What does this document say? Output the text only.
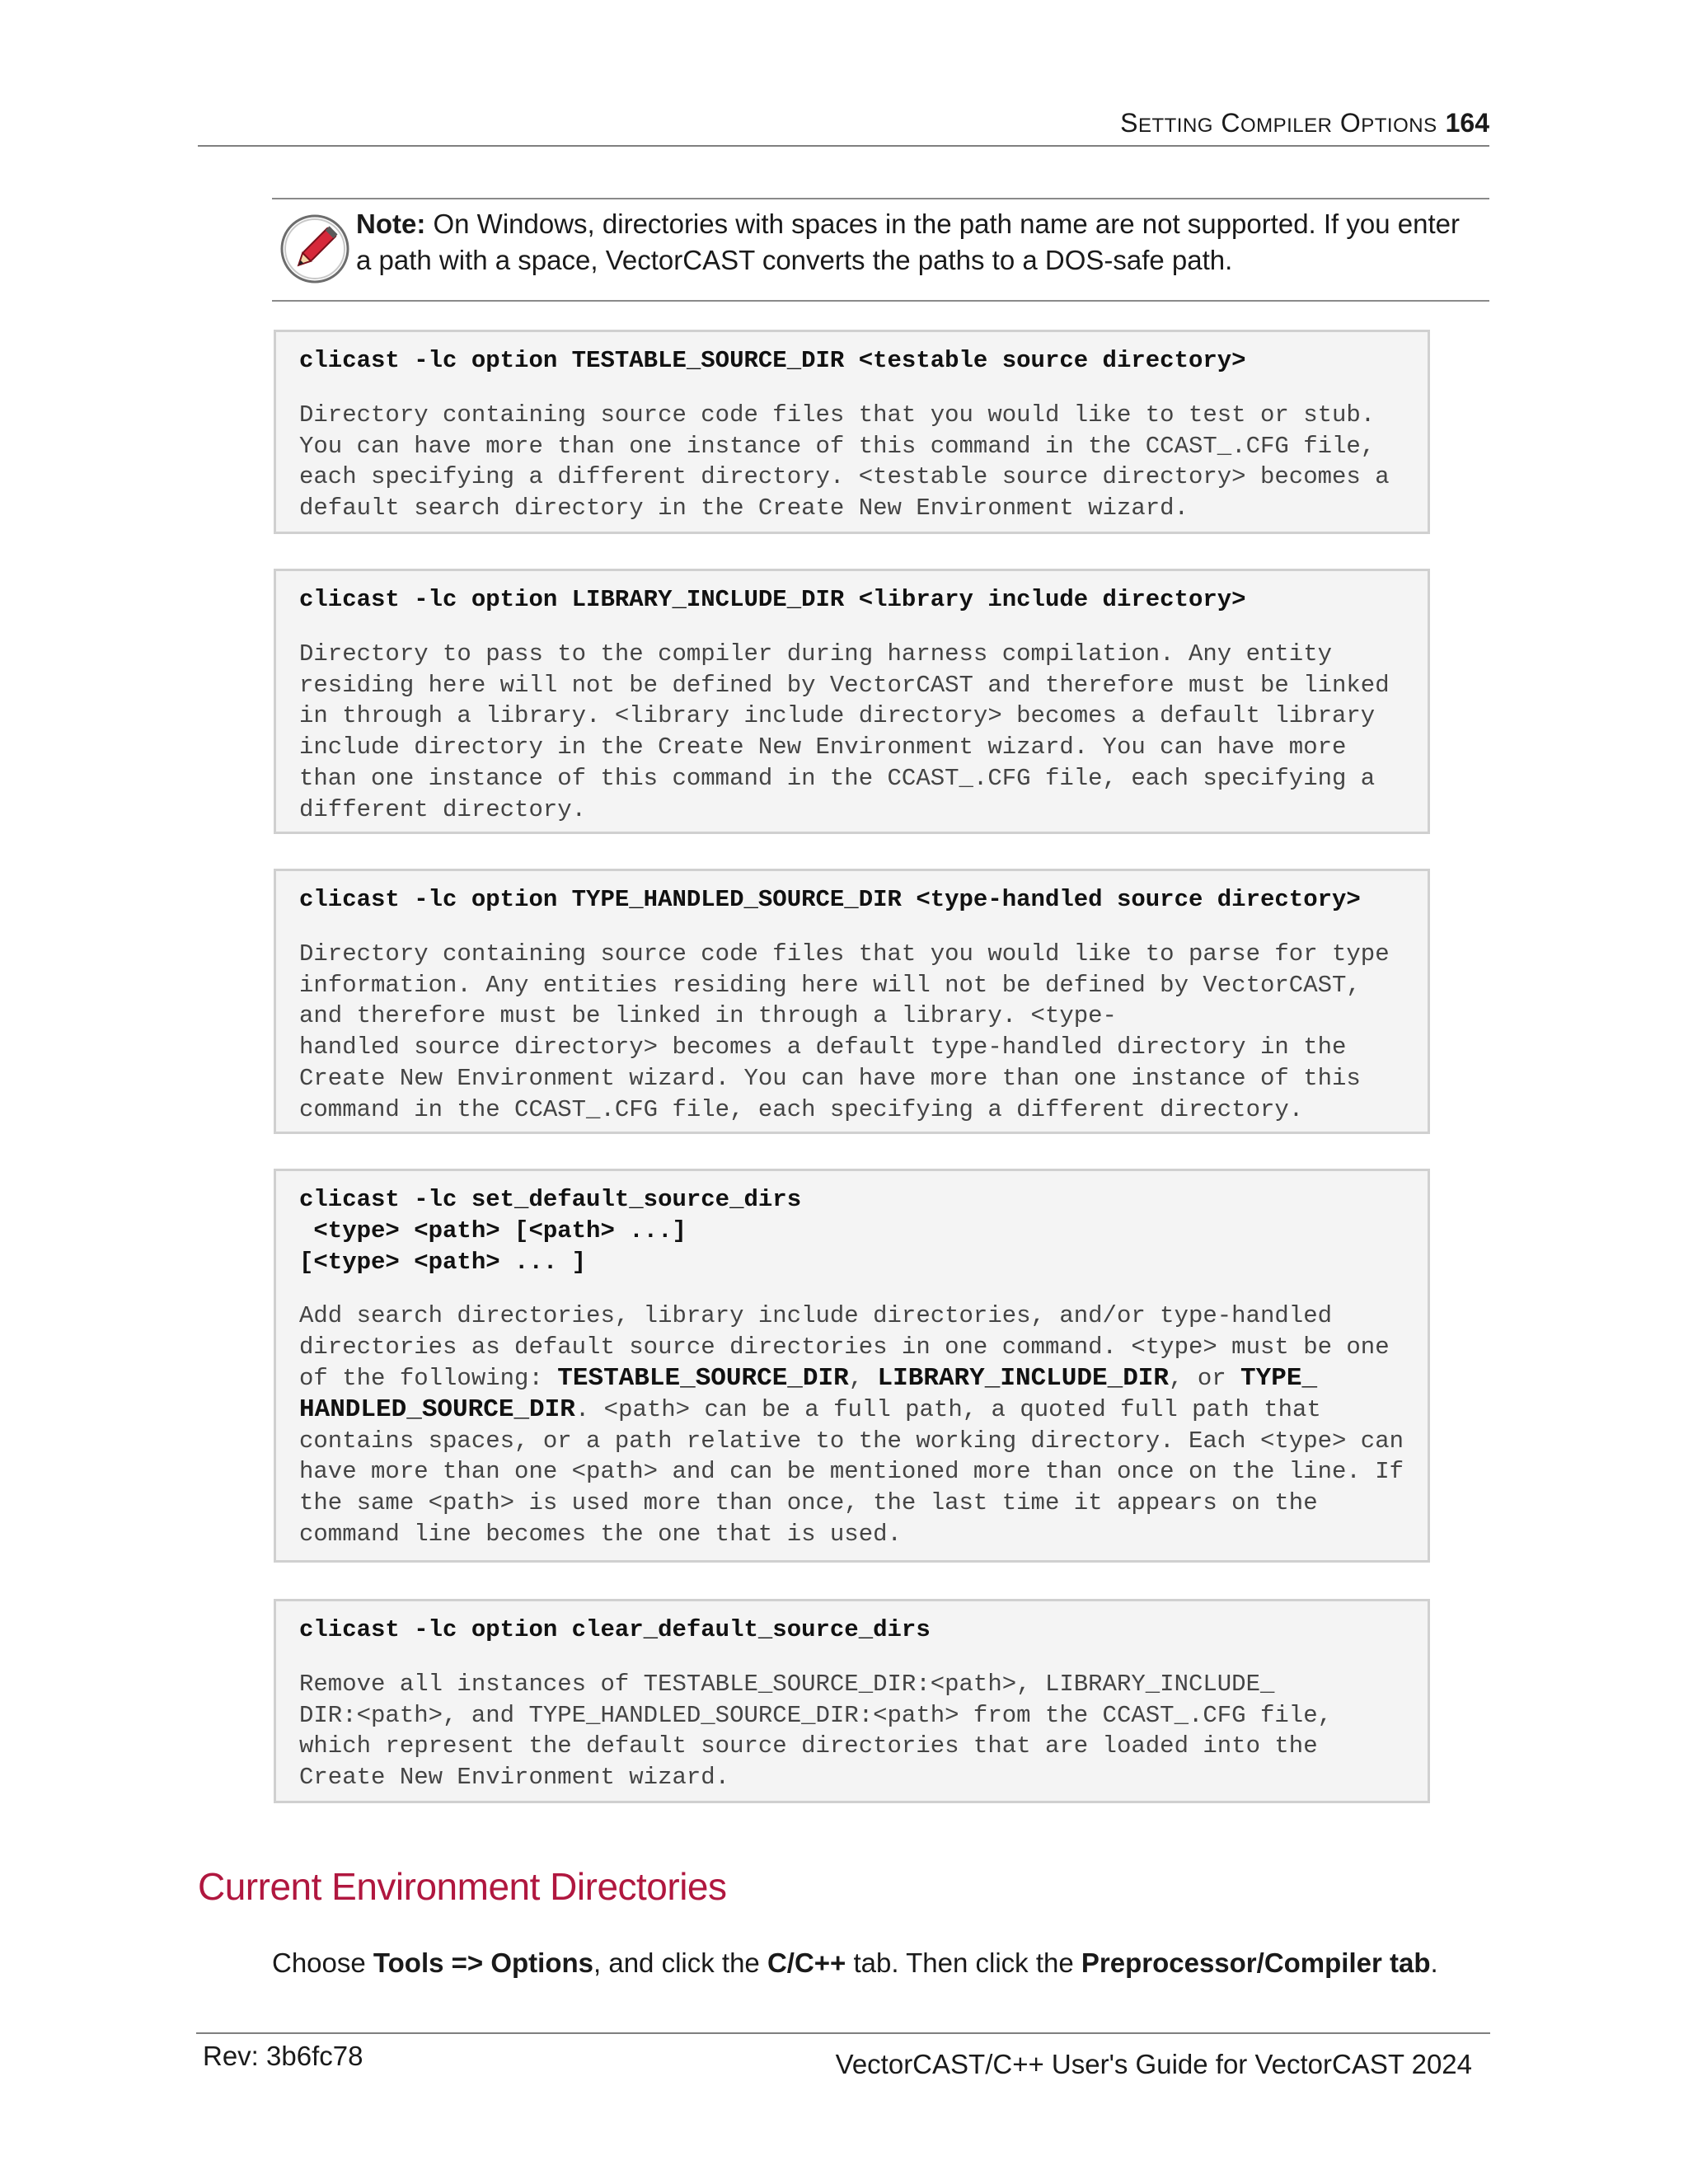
SETTING COMPILER OPTIONS 164
Note: On Windows, directories with spaces in the path name are not supported. If you enter a path with a space, VectorCAST converts the paths to a DOS-safe path.
clicast -lc option TESTABLE_SOURCE_DIR <testable source directory>
Directory containing source code files that you would like to test or stub.
You can have more than one instance of this command in the CCAST_.CFG file,
each specifying a different directory. <testable source directory> becomes a
default search directory in the Create New Environment wizard.
clicast -lc option LIBRARY_INCLUDE_DIR <library include directory>
Directory to pass to the compiler during harness compilation. Any entity
residing here will not be defined by VectorCAST and therefore must be linked
in through a library. <library include directory> becomes a default library
include directory in the Create New Environment wizard. You can have more
than one instance of this command in the CCAST_.CFG file, each specifying a
different directory.
clicast -lc option TYPE_HANDLED_SOURCE_DIR <type-handled source directory>
Directory containing source code files that you would like to parse for type
information. Any entities residing here will not be defined by VectorCAST,
and therefore must be linked in through a library. <type-
handled source directory> becomes a default type-handled directory in the
Create New Environment wizard. You can have more than one instance of this
command in the CCAST_.CFG file, each specifying a different directory.
clicast -lc set_default_source_dirs
<type> <path> [<path> ...]
[<type> <path> ... ]
Add search directories, library include directories, and/or type-handled
directories as default source directories in one command. <type> must be one
of the following: TESTABLE_SOURCE_DIR, LIBRARY_INCLUDE_DIR, or TYPE_
HANDLED_SOURCE_DIR. <path> can be a full path, a quoted full path that
contains spaces, or a path relative to the working directory. Each <type> can
have more than one <path> and can be mentioned more than once on the line. If
the same <path> is used more than once, the last time it appears on the
command line becomes the one that is used.
clicast -lc option clear_default_source_dirs
Remove all instances of TESTABLE_SOURCE_DIR:<path>, LIBRARY_INCLUDE_
DIR:<path>, and TYPE_HANDLED_SOURCE_DIR:<path> from the CCAST_.CFG file,
which represent the default source directories that are loaded into the
Create New Environment wizard.
Current Environment Directories
Choose Tools => Options, and click the C/C++ tab. Then click the Preprocessor/Compiler tab.
Rev: 3b6fc78	VectorCAST/C++ User's Guide for VectorCAST 2024
